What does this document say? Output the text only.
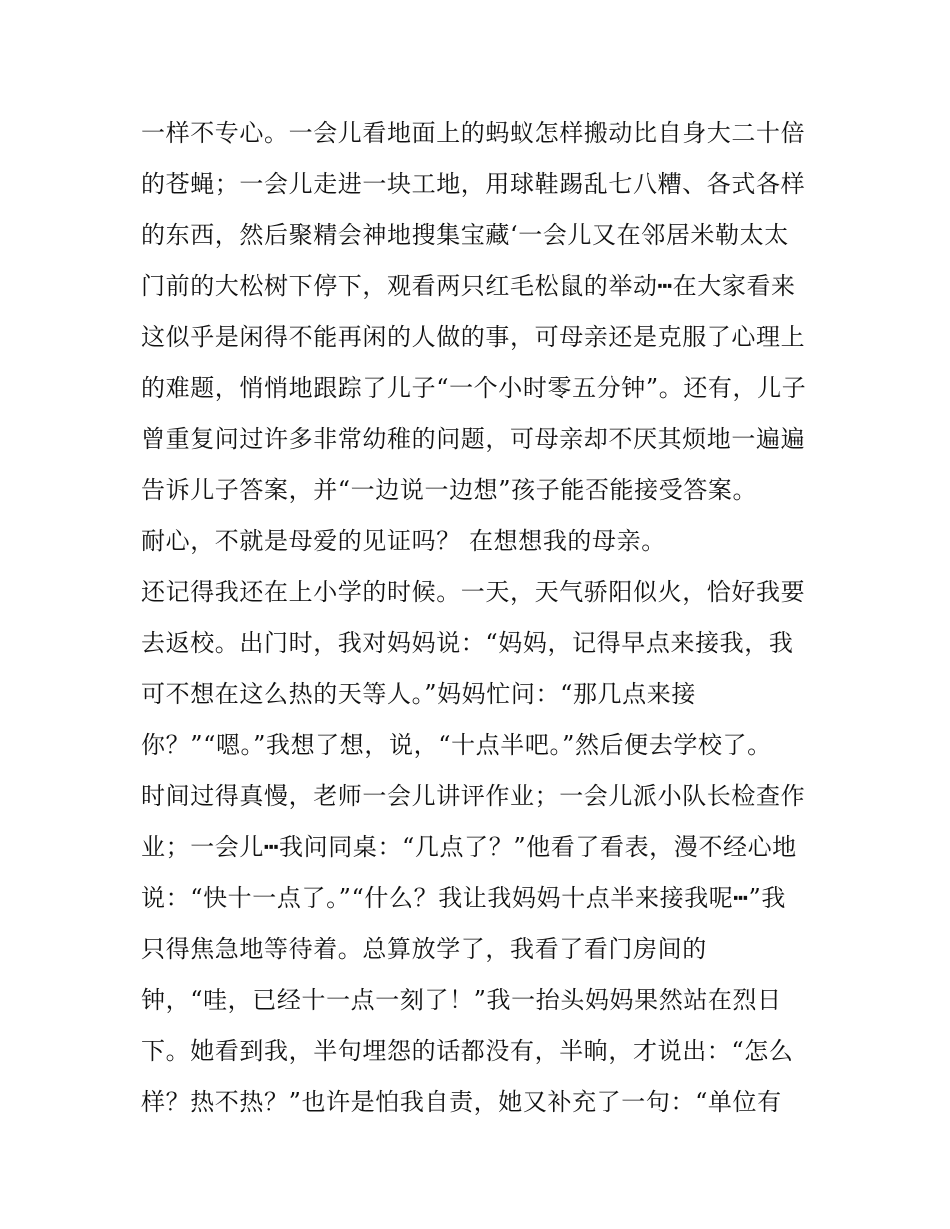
一样不专心。一会儿看地面上的蚂蚁怎样搬动比自身大二十倍
的苍蝇；一会儿走进一块工地，用球鞋踢乱七八糟、各式各样
的东西，然后聚精会神地搜集宝藏‘一会儿又在邻居米勒太太
门前的大松树下停下，观看两只红毛松鼠的举动┅在大家看来
这似乎是闲得不能再闲的人做的事，可母亲还是克服了心理上
的难题，悄悄地跟踪了儿子“一个小时零五分钟”。还有，儿子
曾重复问过许多非常幼稚的问题，可母亲却不厌其烦地一遍遍
告诉儿子答案，并“一边说一边想”孩子能否能接受答案。
耐心，不就是母爱的见证吗？ 在想想我的母亲。
还记得我还在上小学的时候。一天，天气骄阳似火，恰好我要
去返校。出门时，我对妈妈说：“妈妈，记得早点来接我，我
可不想在这么热的天等人。”妈妈忙问：“那几点来接
你？”“嗯。”我想了想，说，“十点半吧。”然后便去学校了。
时间过得真慢，老师一会儿讲评作业；一会儿派小队长检查作
业；一会儿┅我问同桌：“几点了？”他看了看表，漫不经心地
说：“快十一点了。”“什么？我让我妈妈十点半来接我呢┅”我
只得焦急地等待着。总算放学了，我看了看门房间的
钟，“哇，已经十一点一刻了！”我一抬头妈妈果然站在烈日
下。她看到我，半句埋怨的话都没有，半晌，才说出：“怎么
样？热不热？”也许是怕我自责，她又补充了一句：“单位有
